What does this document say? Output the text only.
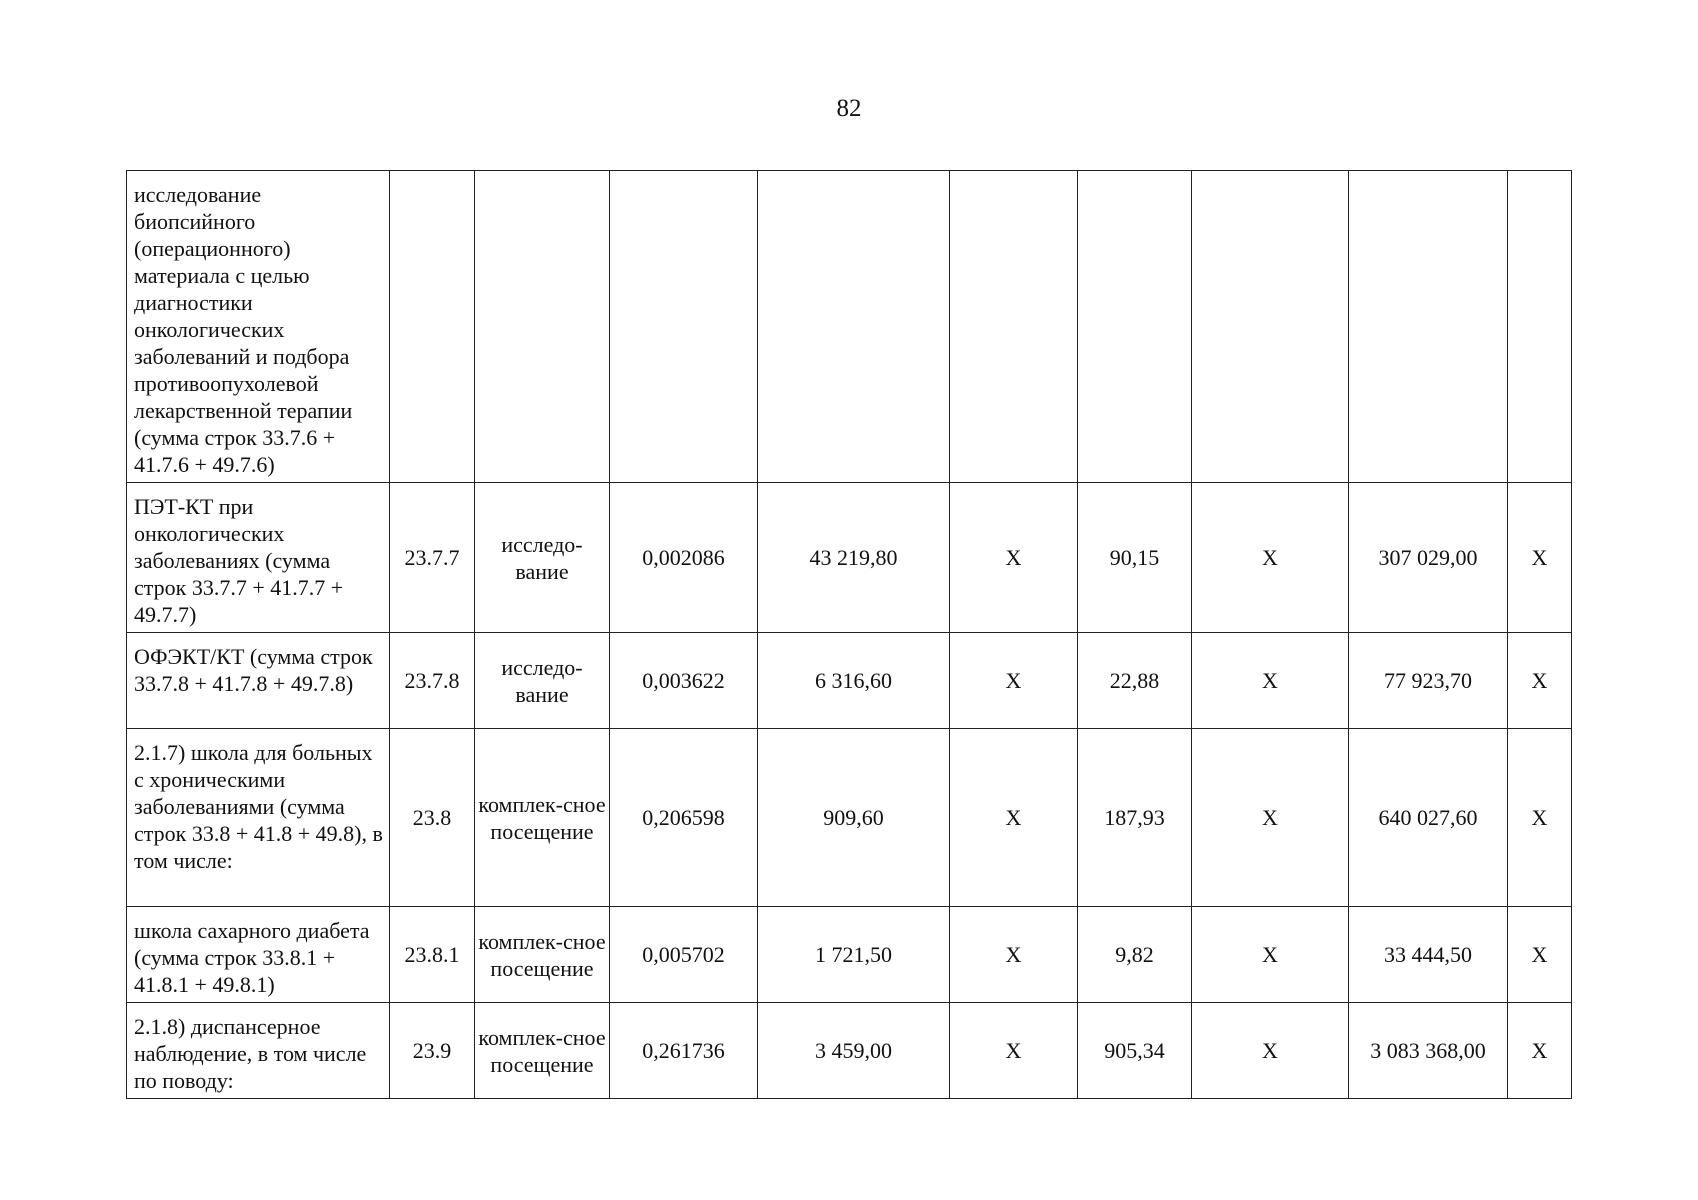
82
исследование биопсийного (операционного) материала с целью диагностики онкологических заболеваний и подбора противоопухолевой лекарственной терапии (сумма строк 33.7.6 + 41.7.6 + 49.7.6)									
ПЭТ-КТ при онкологических заболеваниях (сумма строк 33.7.7 + 41.7.7 + 49.7.7)	23.7.7	исследо-вание	0,002086	43 219,80	X	90,15	X	307 029,00	X
ОФЭКТ/КТ (сумма строк 33.7.8 + 41.7.8 + 49.7.8)	23.7.8	исследо-вание	0,003622	6 316,60	X	22,88	X	77 923,70	X
2.1.7) школа для больных с хроническими заболеваниями (сумма строк 33.8 + 41.8 + 49.8), в том числе:	23.8	комплек-сное посещение	0,206598	909,60	X	187,93	X	640 027,60	X
школа сахарного диабета (сумма строк 33.8.1 + 41.8.1 + 49.8.1)	23.8.1	комплек-сное посещение	0,005702	1 721,50	X	9,82	X	33 444,50	X
2.1.8) диспансерное наблюдение, в том числе по поводу:	23.9	комплек-сное посещение	0,261736	3 459,00	X	905,34	X	3 083 368,00	X
